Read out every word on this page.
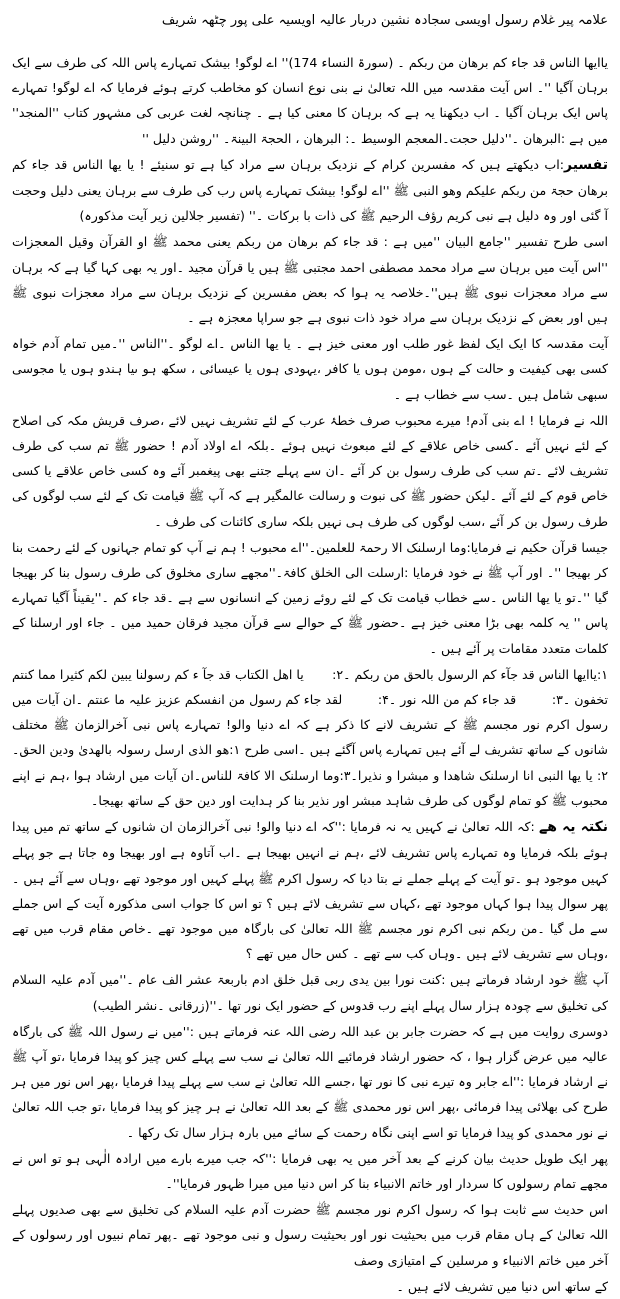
علامہ پیر غلام رسول اویسی سجادہ نشین دربار عالیہ اویسیہ علی پور چٹھہ شریف

یاایھا الناس قد جاء کم برھان من ربکم ۔ (سورۃ النساء 174)'' اے لوگو! بیشک تمہارے پاس اللہ کی طرف سے ایک برہان آگیا ''۔ اس آیت مقدسہ میں اللہ تعالیٰ نے بنی نوع انسان کو مخاطب کرتے ہوئے فرمایا کہ اے لوگو! تمہارے پاس ایک برہان آگیا ۔ اب دیکھنا یہ ہے کہ برہان کا معنی کیا ہے ۔ چنانچہ لغت عربی کی مشہور کتاب ''المنجد'' میں ہے :البرھان ۔''دلیل حجت۔المعجم الوسیط ۔: البرھان ، الحجۃ البینۃ۔ ''روشن دلیل ''

تفسیر:اب دیکھتے ہیں کہ مفسرین کرام کے نزدیک برہان سے مراد کیا ہے تو سنیئے ! یا یھا الناس قد جاء کم برھان حجۃ من ربکم علیکم وھو النبی ﷺ ''اے لوگو! بیشک تمہارے پاس رب کی طرف سے برہان یعنی دلیل وحجت آ گئی اور وہ دلیل ہے نبی کریم رؤف الرحیم ﷺ کی ذات با برکات ۔'' (تفسیر جلالین زیر آیت مذکورہ)

اسی طرح تفسیر ''جامع البیان ''میں ہے : قد جاء کم برھان من ربکم یعنی محمد ﷺ او القرآن وقیل المعجزات ''اس آیت میں برہان سے مراد محمد مصطفی احمد مجتبی ﷺ ہیں یا قرآن مجید ۔اور یہ بھی کہا گیا ہے کہ برہان سے مراد معجزات نبوی ﷺ ہیں''۔خلاصہ یہ ہوا کہ بعض مفسرین کے نزدیک برہان سے مراد معجزات نبوی ﷺ ہیں اور بعض کے نزدیک برہان سے مراد خود ذات نبوی ہے جو سراپا معجزہ ہے ۔

آیت مقدسہ کا ایک ایک لفظ غور طلب اور معنی خیز ہے ۔ یا یھا الناس ۔اے لوگو ۔''الناس ''۔میں تمام آدم خواہ کسی بھی کیفیت و حالت کے ہوں ،مومن ہوں یا کافر ،یہودی ہوں یا عیسائی ، سکھ ہو ںیا ہندو ہوں یا مجوسی سبھی شامل ہیں ۔سب سے خطاب ہے ۔

اللہ نے فرمایا ! اے بنی آدم! میرے محبوب صرف خطۂ عرب کے لئے تشریف نہیں لائے ،صرف قریش مکہ کی اصلاح کے لئے نہیں آئے ۔کسی خاص علاقے کے لئے مبعوث نہیں ہوئے ۔بلکہ اے اولاد آدم ! حضور ﷺ تم سب کی طرف تشریف لائے ۔تم سب کی طرف رسول بن کر آئے ۔ان سے پہلے جتنے بھی پیغمبر آئے وہ کسی خاص علاقے یا کسی خاص قوم کے لئے آئے ۔لیکن حضور ﷺ کی نبوت و رسالت عالمگیر ہے کہ آپ ﷺ قیامت تک کے لئے سب لوگوں کی طرف رسول بن کر آئے ،سب لوگوں کی طرف ہی نہیں بلکہ ساری کائنات کی طرف ۔

جیسا قرآن حکیم نے فرمایا:وما ارسلنک الا رحمۃ للعلمین۔''اے محبوب ! ہم نے آپ کو تمام جہانوں کے لئے رحمت بنا کر بھیجا ''۔ اور آپ ﷺ نے خود فرمایا :ارسلت الی الخلق کافۃ۔''مجھے ساری مخلوق کی طرف رسول بنا کر بھیجا گیا ''۔تو یا یھا الناس ۔سے خطاب قیامت تک کے لئے روئے زمین کے انسانوں سے ہے ۔قد جاء کم ۔''یقیناً آگیا تمہارے پاس '' یہ کلمہ بھی بڑا معنی خیز ہے ۔حضور ﷺ کے حوالے سے قرآن مجید فرقان حمید میں ۔ جاء اور ارسلنا کے کلمات متعدد مقامات پر آئے ہیں ۔

۱:یاایھا الناس قد جآء کم الرسول بالحق من ربکم ۔۲:
یا اھل الکتاب قد جآ ء کم رسولنا یبین لکم کثیرا مما کنتم
تخفون ۔۳:
قد جاء کم من اللہ نور ۔۴:
لقد جاء کم رسول من انفسکم عزیز علیہ ما عنتم ۔ان آیات میں

رسول اکرم نور مجسم ﷺ کے تشریف لانے کا ذکر ہے کہ اے دنیا والو! تمہارے پاس نبی آخرالزمان ﷺ مختلف شانوں کے ساتھ تشریف لے آئے ہیں تمہارے پاس آگئے ہیں ۔اسی طرح ۱:ھو الذی ارسل رسولہ بالھدیٰ ودین الحق۔۲: یا یھا النبی انا ارسلنک شاھدا و مبشرا و نذیرا۔۳:وما ارسلنک الا کافۃ للناس۔ان آیات میں ارشاد ہوا ،ہم نے اپنے محبوب ﷺ کو تمام لوگوں کی طرف شاہد مبشر اور نذیر بنا کر ہدایت اور دین حق کے ساتھ بھیجا۔

نکتہ یہ ھے :کہ اللہ تعالیٰ نے کہیں یہ نہ فرمایا :''کہ اے دنیا والو! نبی آخرالزمان ان شانوں کے ساتھ تم میں پیدا ہوئے بلکہ فرمایا وہ تمہارے پاس تشریف لائے ،ہم نے انہیں بھیجا ہے ۔اب آتاوہ ہے اور بھیجا وہ جاتا ہے جو پہلے کہیں موجود ہو ۔تو آیت کے پہلے جملے نے بتا دیا کہ رسول اکرم ﷺ پہلے کہیں اور موجود تھے ،وہاں سے آئے ہیں ۔پھر سوال پیدا ہوا کہاں موجود تھے ،کہاں سے تشریف لائے ہیں ؟ تو اس کا جواب اسی مذکورہ آیت کے اس جملے سے مل گیا ۔من ربکم نبی اکرم نور مجسم ﷺ اللہ تعالیٰ کی بارگاہ میں موجود تھے ۔خاص مقام قرب میں تھے ،وہاں سے تشریف لائے ہیں ۔وہاں کب سے تھے ۔ کس حال میں تھے ؟

آپ ﷺ خود ارشاد فرماتے ہیں :کنت نورا بین یدی ربی قبل خلق ادم باربعۃ عشر الف عام ۔''میں آدم علیہ السلام کی تخلیق سے چودہ ہزار سال پہلے اپنے رب قدوس کے حضور ایک نور تھا ۔''(زرقانی ۔نشر الطیب)

دوسری روایت میں ہے کہ حضرت جابر بن عبد اللہ رضی اللہ عنہ فرماتے ہیں :''میں نے رسول اللہ ﷺ کی بارگاہ عالیہ میں عرض گزار ہوا ، کہ حضور ارشاد فرمائیے اللہ تعالیٰ نے سب سے پہلے کس چیز کو پیدا فرمایا ،تو آپ ﷺ نے ارشاد فرمایا :''اے جابر وہ تیرے نبی کا نور تھا ،جسے اللہ تعالیٰ نے سب سے پہلے پیدا فرمایا ،پھر اس نور میں ہر طرح کی بھلائی پیدا فرمائی ،پھر اس نور محمدی ﷺ کے بعد اللہ تعالیٰ نے ہر چیز کو پیدا فرمایا ،تو جب اللہ تعالیٰ نے نور محمدی کو پیدا فرمایا تو اسے اپنی نگاہ رحمت کے سائے میں بارہ ہزار سال تک رکھا ۔

پھر ایک طویل حدیث بیان کرنے کے بعد آخر میں یہ بھی فرمایا :''کہ جب میرے بارے میں ارادہ الٰہی ہو تو اس نے مجھے تمام رسولوں کا سردار اور خاتم الانبیاء بنا کر اس دنیا میں میرا ظہور فرمایا''۔

اس حدیث سے ثابت ہوا کہ رسول اکرم نور مجسم ﷺ حضرت آدم علیہ السلام کی تخلیق سے بھی صدیوں پہلے اللہ تعالیٰ کے ہاں مقام قرب میں بحیثیت نور اور بحیثیت رسول و نبی موجود تھے ۔پھر تمام نبیوں اور رسولوں کے آخر میں خاتم الانبیاء و مرسلین کے امتیازی وصف

کے ساتھ اس دنیا میں تشریف لائے ہیں ۔
